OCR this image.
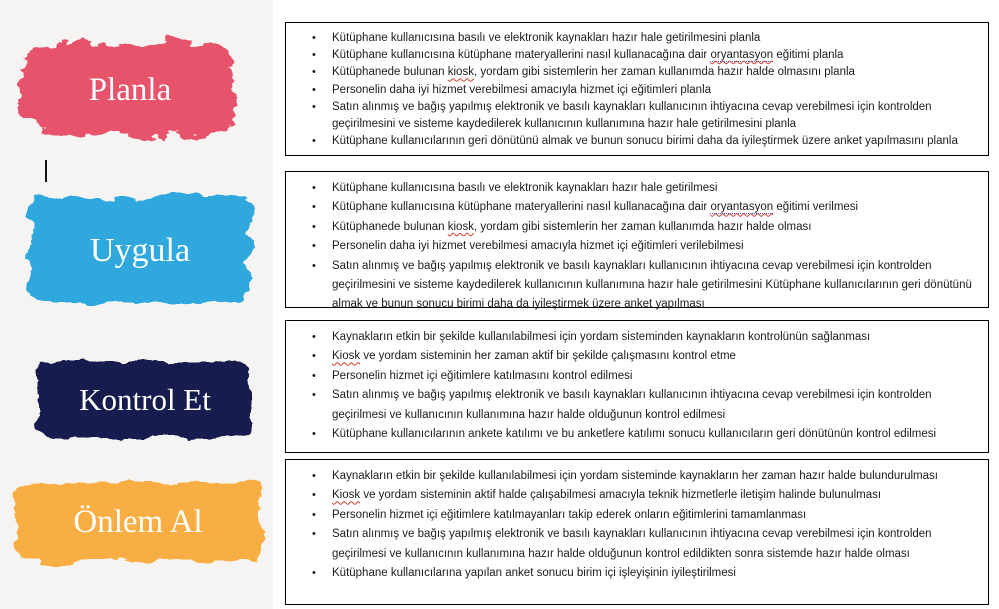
Planla
Uygula
Kontrol Et
Önlem Al
• Kütüphane kullanıcısına basılı ve elektronik kaynakları hazır hale getirilmesini planla
• Kütüphane kullanıcısına kütüphane materyallerini nasıl kullanacağına dair oryantasyon eğitimi planla
• Kütüphanede bulunan kiosk, yordam gibi sistemlerin her zaman kullanımda hazır halde olmasını planla
• Personelin daha iyi hizmet verebilmesi amacıyla hizmet içi eğitimleri planla
• Satın alınmış ve bağış yapılmış elektronik ve basılı kaynakları kullanıcının ihtiyacına cevap verebilmesi için kontrolden geçirilmesini ve sisteme kaydedilerek kullanıcının kullanımına hazır hale getirilmesini planla
• Kütüphane kullanıcılarının geri dönütünü almak ve bunun sonucu birimi daha da iyileştirmek üzere anket yapılmasını planla
• Kütüphane kullanıcısına basılı ve elektronik kaynakları hazır hale getirilmesi
• Kütüphane kullanıcısına kütüphane materyallerini nasıl kullanacağına dair oryantasyon eğitimi verilmesi
• Kütüphanede bulunan kiosk, yordam gibi sistemlerin her zaman kullanımda hazır halde olması
• Personelin daha iyi hizmet verebilmesi amacıyla hizmet içi eğitimleri verilebilmesi
• Satın alınmış ve bağış yapılmış elektronik ve basılı kaynakları kullanıcının ihtiyacına cevap verebilmesi için kontrolden geçirilmesini ve sisteme kaydedilerek kullanıcının kullanımına hazır hale getirilmesini Kütüphane kullanıcılarının geri dönütünü almak ve bunun sonucu birimi daha da iyileştirmek üzere anket yapılması
• Kaynakların etkin bir şekilde kullanılabilmesi için yordam sisteminden kaynakların kontrolünün sağlanması
• Kiosk ve yordam sisteminin her zaman aktif bir şekilde çalışmasını kontrol etme
• Personelin hizmet içi eğitimlere katılmasını kontrol edilmesi
• Satın alınmış ve bağış yapılmış elektronik ve basılı kaynakları kullanıcının ihtiyacına cevap verebilmesi için kontrolden geçirilmesi ve kullanıcının kullanımına hazır halde olduğunun kontrol edilmesi
• Kütüphane kullanıcılarının ankete katılımı ve bu anketlere katılımı sonucu kullanıcıların geri dönütünün kontrol edilmesi
• Kaynakların etkin bir şekilde kullanılabilmesi için yordam sisteminde kaynakların her zaman hazır halde bulundurulması
• Kiosk ve yordam sisteminin aktif halde çalışabilmesi amacıyla teknik hizmetlerle iletişim halinde bulunulması
• Personelin hizmet içi eğitimlere katılmayanları takip ederek onların eğitimlerini tamamlanması
• Satın alınmış ve bağış yapılmış elektronik ve basılı kaynakları kullanıcının ihtiyacına cevap verebilmesi için kontrolden geçirilmesi ve kullanıcının kullanımına hazır halde olduğunun kontrol edildikten sonra sistemde hazır halde olması
• Kütüphane kullanıcılarına yapılan anket sonucu birim içi işleyişinin iyileştirilmesi
